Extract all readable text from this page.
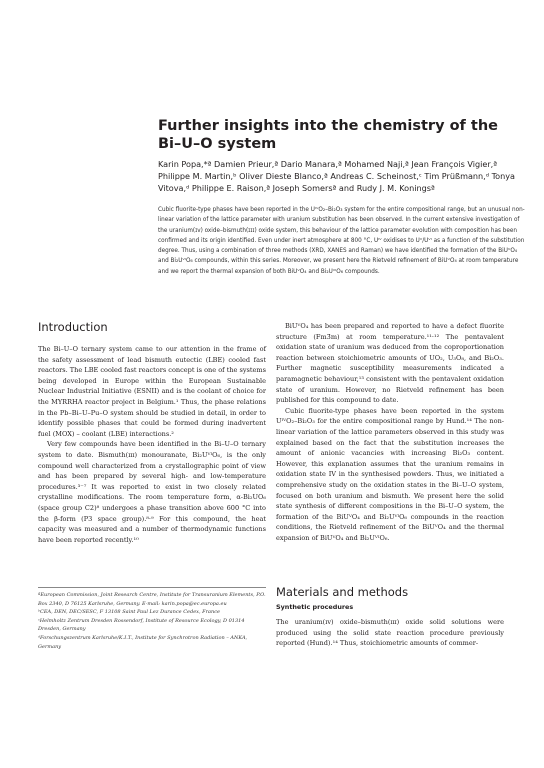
Further insights into the chemistry of the Bi–U–O system

Karin Popa,*ª Damien Prieur,ª Dario Manara,ª Mohamed Naji,ª Jean François Vigier,ª Philippe M. Martin,ᵇ Oliver Dieste Blanco,ª Andreas C. Scheinost,ᶜ Tim Prüßmann,ᵈ Tonya Vitova,ᵈ Philippe E. Raison,ª Joseph Somersª and Rudy J. M. Koningsª

Cubic fluorite-type phases have been reported in the UᴵⱽO₂–Bi₂O₃ system for the entire compositional range, but an unusual non-linear variation of the lattice parameter with uranium substitution has been observed. In the current extensive investigation of the uranium(ɪᴠ) oxide–bismuth(ɪɪɪ) oxide system, this behaviour of the lattice parameter evolution with composition has been confirmed and its origin identified. Even under inert atmosphere at 800 °C, Uᴵⱽ oxidises to Uⱽ/Uⱽᴵ as a function of the substitution degree. Thus, using a combination of three methods (XRD, XANES and Raman) we have identified the formation of the BiUⱽO₄ and Bi₂UⱽᴵO₆ compounds, within this series. Moreover, we present here the Rietveld refinement of BiUⱽO₄ at room temperature and we report the thermal expansion of both BiUⱽO₄ and Bi₂UⱽᴵO₆ compounds.

Introduction

The Bi–U–O ternary system came to our attention in the frame of the safety assessment of lead bismuth eutectic (LBE) cooled fast reactors. The LBE cooled fast reactors concept is one of the systems being developed in Europe within the European Sustainable Nuclear Industrial Initiative (ESNII) and is the coolant of choice for the MYRRHA reactor project in Belgium.¹ Thus, the phase relations in the Pb–Bi–U–Pu–O system should be studied in detail, in order to identify possible phases that could be formed during inadvertent fuel (MOX) – coolant (LBE) interactions.²

Very few compounds have been identified in the Bi–U–O ternary system to date. Bismuth(ɪɪɪ) monouranate, Bi₂UⱽᴵO₆, is the only compound well characterized from a crystallographic point of view and has been prepared by several high- and low-temperature procedures.³⁻⁷ It was reported to exist in two closely related crystalline modifications. The room temperature form, α-Bi₂UO₆ (space group C2)⁸ undergoes a phase transition above 600 °C into the β-form (P3 space group).⁸·⁹ For this compound, the heat capacity was measured and a number of thermodynamic functions have been reported recently.¹⁰

ªEuropean Commission, Joint Research Centre, Institute for Transuranium Elements, P.O. Box 2340, D 76125 Karlsruhe, Germany. E-mail: karin.popa@ec.europa.eu
ᵇCEA, DEN, DEC/SESC, F 13108 Saint Paul Lez Durance Cedex, France
ᶜHelmholtz Zentrum Dresden Rossendorf, Institute of Resource Ecology, D 01314 Dresden, Germany
ᵈForschungszentrum Karlsruhe/K.I.T., Institute for Synchrotron Radiation – ANKA, Germany

BiUⱽO₄ has been prepared and reported to have a defect fluorite structure (Fm3̄m) at room temperature.¹¹·¹² The pentavalent oxidation state of uranium was deduced from the coproportionation reaction between stoichiometric amounts of UO₂, U₃O₈, and Bi₂O₃. Further magnetic susceptibility measurements indicated a paramagnetic behaviour,¹³ consistent with the pentavalent oxidation state of uranium. However, no Rietveld refinement has been published for this compound to date.

Cubic fluorite-type phases have been reported in the system UᴵⱽO₂–Bi₂O₃ for the entire compositional range by Hund.¹⁴ The non-linear variation of the lattice parameters observed in this study was explained based on the fact that the substitution increases the amount of anionic vacancies with increasing Bi₂O₃ content. However, this explanation assumes that the uranium remains in oxidation state IV in the synthesised powders. Thus, we initiated a comprehensive study on the oxidation states in the Bi–U–O system, focused on both uranium and bismuth. We present here the solid state synthesis of different compositions in the Bi–U–O system, the formation of the BiUⱽO₄ and Bi₂UⱽᴵO₆ compounds in the reaction conditions, the Rietveld refinement of the BiUⱽO₄ and the thermal expansion of BiUⱽO₄ and Bi₂UⱽᴵO₆.

Materials and methods
Synthetic procedures

The uranium(ɪᴠ) oxide–bismuth(ɪɪɪ) oxide solid solutions were produced using the solid state reaction procedure previously reported (Hund).¹⁴ Thus, stoichiometric amounts of commer-
